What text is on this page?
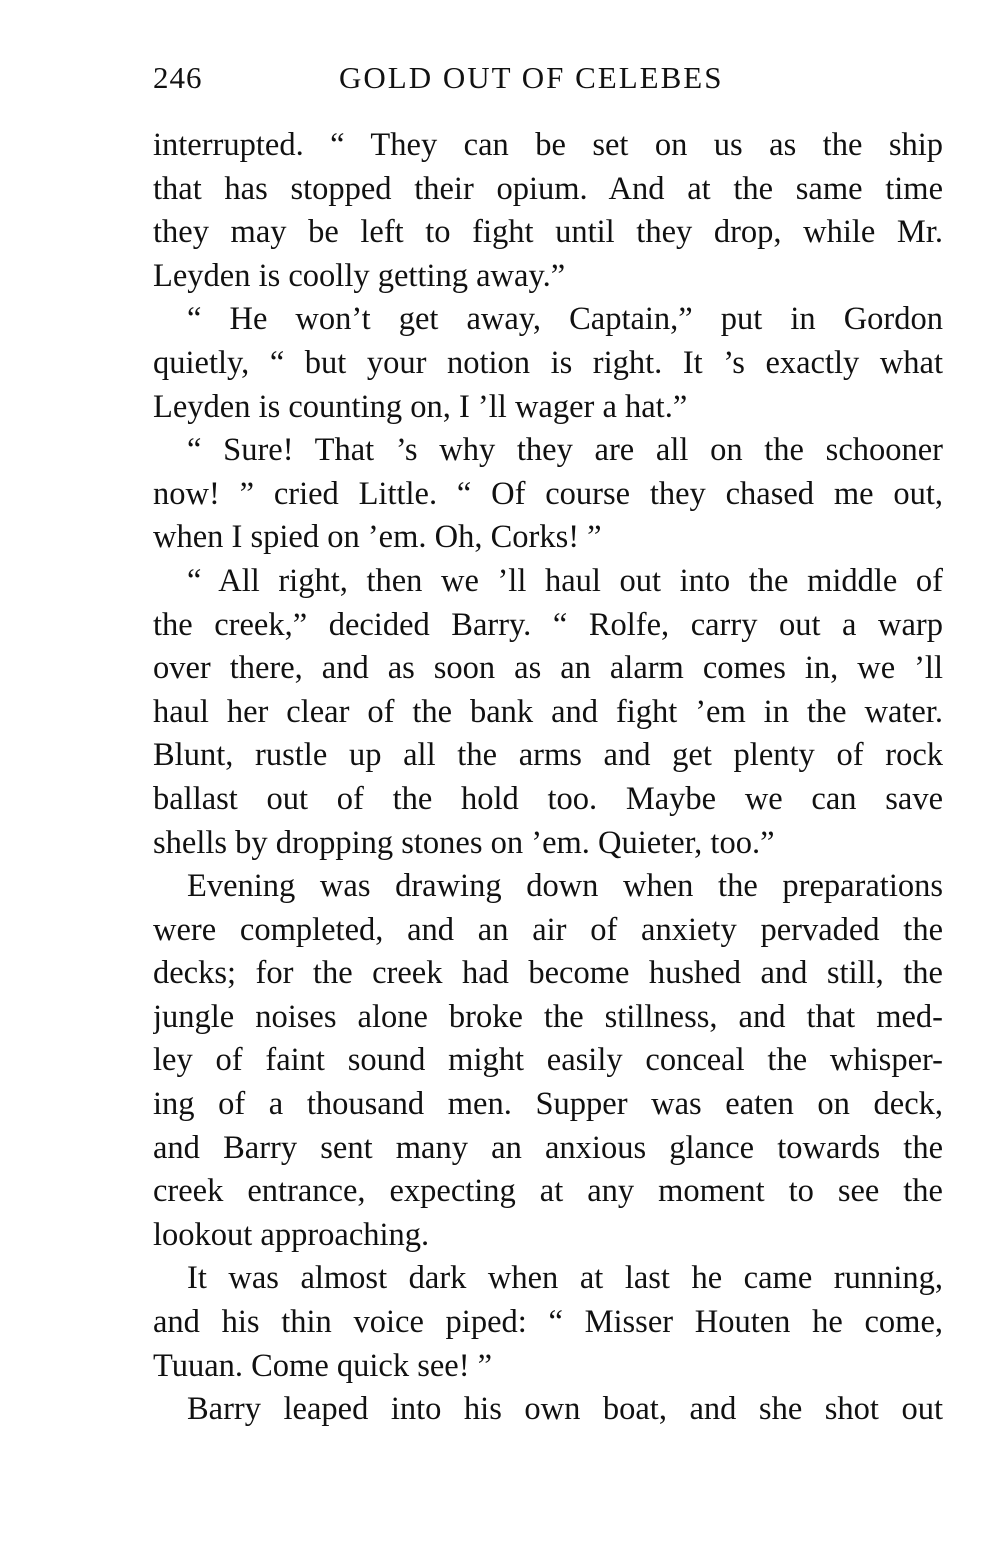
246	GOLD OUT OF CELEBES
interrupted. “ They can be set on us as the ship
that has stopped their opium. And at the same time
they may be left to fight until they drop, while Mr.
Leyden is coolly getting away.”
“ He won’t get away, Captain,” put in Gordon
quietly, “ but your notion is right. It ’s exactly what
Leyden is counting on, I ’ll wager a hat.”
“ Sure! That ’s why they are all on the schooner
now! ” cried Little. “ Of course they chased me out,
when I spied on ’em. Oh, Corks! ”
“ All right, then we ’ll haul out into the middle of
the creek,” decided Barry. “ Rolfe, carry out a warp
over there, and as soon as an alarm comes in, we ’ll
haul her clear of the bank and fight ’em in the water.
Blunt, rustle up all the arms and get plenty of rock
ballast out of the hold too. Maybe we can save
shells by dropping stones on ’em. Quieter, too.”
Evening was drawing down when the preparations
were completed, and an air of anxiety pervaded the
decks; for the creek had become hushed and still, the
jungle noises alone broke the stillness, and that med-
ley of faint sound might easily conceal the whisper-
ing of a thousand men. Supper was eaten on deck,
and Barry sent many an anxious glance towards the
creek entrance, expecting at any moment to see the
lookout approaching.
It was almost dark when at last he came running,
and his thin voice piped: “ Misser Houten he come,
Tuuan. Come quick see! ”
Barry leaped into his own boat, and she shot out
